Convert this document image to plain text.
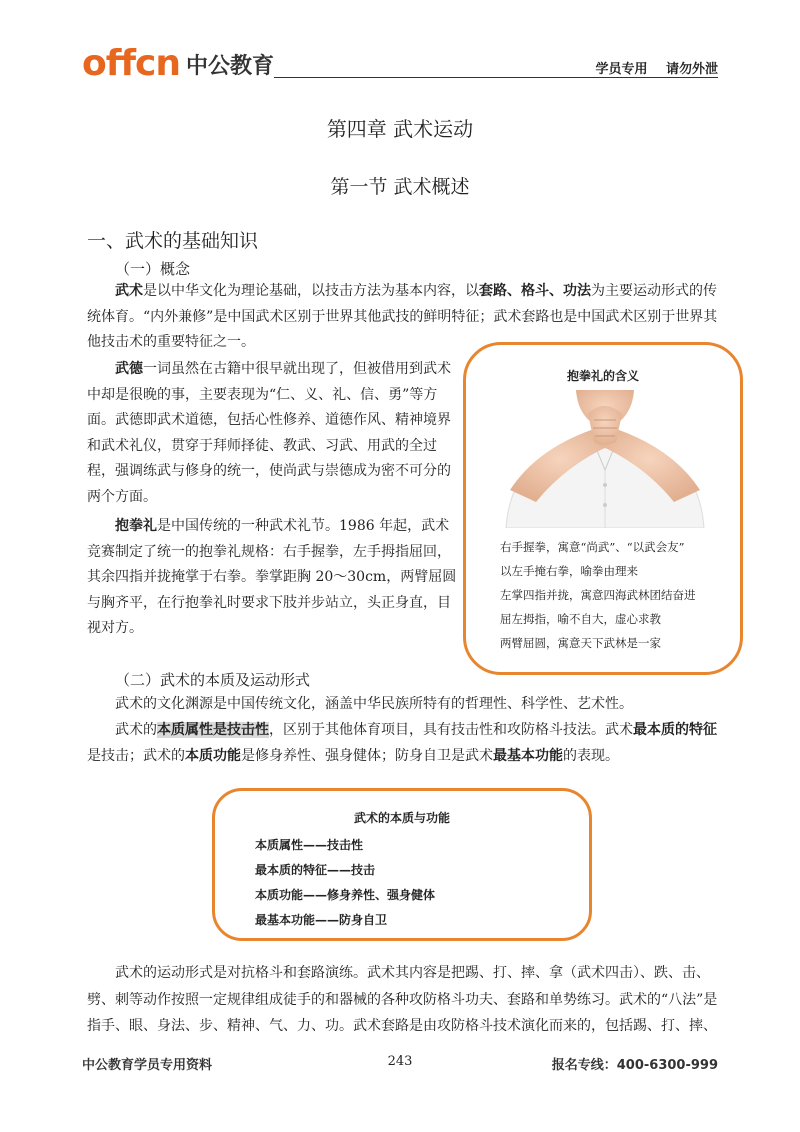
offcn 中公教育	学员专用 请勿外泄
第四章 武术运动
第一节 武术概述
一、武术的基础知识
（一）概念

武术是以中华文化为理论基础，以技击方法为基本内容，以套路、格斗、功法为主要运动形式的传统体育。“内外兼修”是中国武术区别于世界其他武技的鲜明特征；武术套路也是中国武术区别于世界其他技击术的重要特征之一。

武德一词虽然在古籍中很早就出现了，但被借用到武术中却是很晚的事，主要表现为“仁、义、礼、信、勇”等方面。武德即武术道德，包括心性修养、道德作风、精神境界和武术礼仪，贯穿于拜师择徒、教武、习武、用武的全过程，强调练武与修身的统一，使尚武与崇德成为密不可分的两个方面。

抱拳礼是中国传统的一种武术礼节。1986 年起，武术竞赛制定了统一的抱拳礼规格：右手握拳，左手拇指屈回，其余四指并拢掩掌于右拳。拳掌距胸 20～30cm，两臂屈圆与胸齐平，在行抱拳礼时要求下肢并步站立，头正身直，目视对方。

抱拳礼的含义
右手握拳，寓意“尚武”、“以武会友”
以左手掩右拳，喻拳由理来
左掌四指并拢，寓意四海武林团结奋进
屈左拇指，喻不自大，虚心求教
两臂屈圆，寓意天下武林是一家
（二）武术的本质及运动形式

武术的文化渊源是中国传统文化，涵盖中华民族所特有的哲理性、科学性、艺术性。

武术的本质属性是技击性，区别于其他体育项目，具有技击性和攻防格斗技法。武术最本质的特征是技击；武术的本质功能是修身养性、强身健体；防身自卫是武术最基本功能的表现。

武术的本质与功能
本质属性——技击性
最本质的特征——技击
本质功能——修身养性、强身健体
最基本功能——防身自卫

武术的运动形式是对抗格斗和套路演练。武术其内容是把踢、打、摔、拿（武术四击）、跌、击、劈、刺等动作按照一定规律组成徒手的和器械的各种攻防格斗功夫、套路和单势练习。武术的“八法”是指手、眼、身法、步、精神、气、力、功。武术套路是由攻防格斗技术演化而来的，包括踢、打、摔、

中公教育学员专用资料	243	报名专线：400-6300-999
